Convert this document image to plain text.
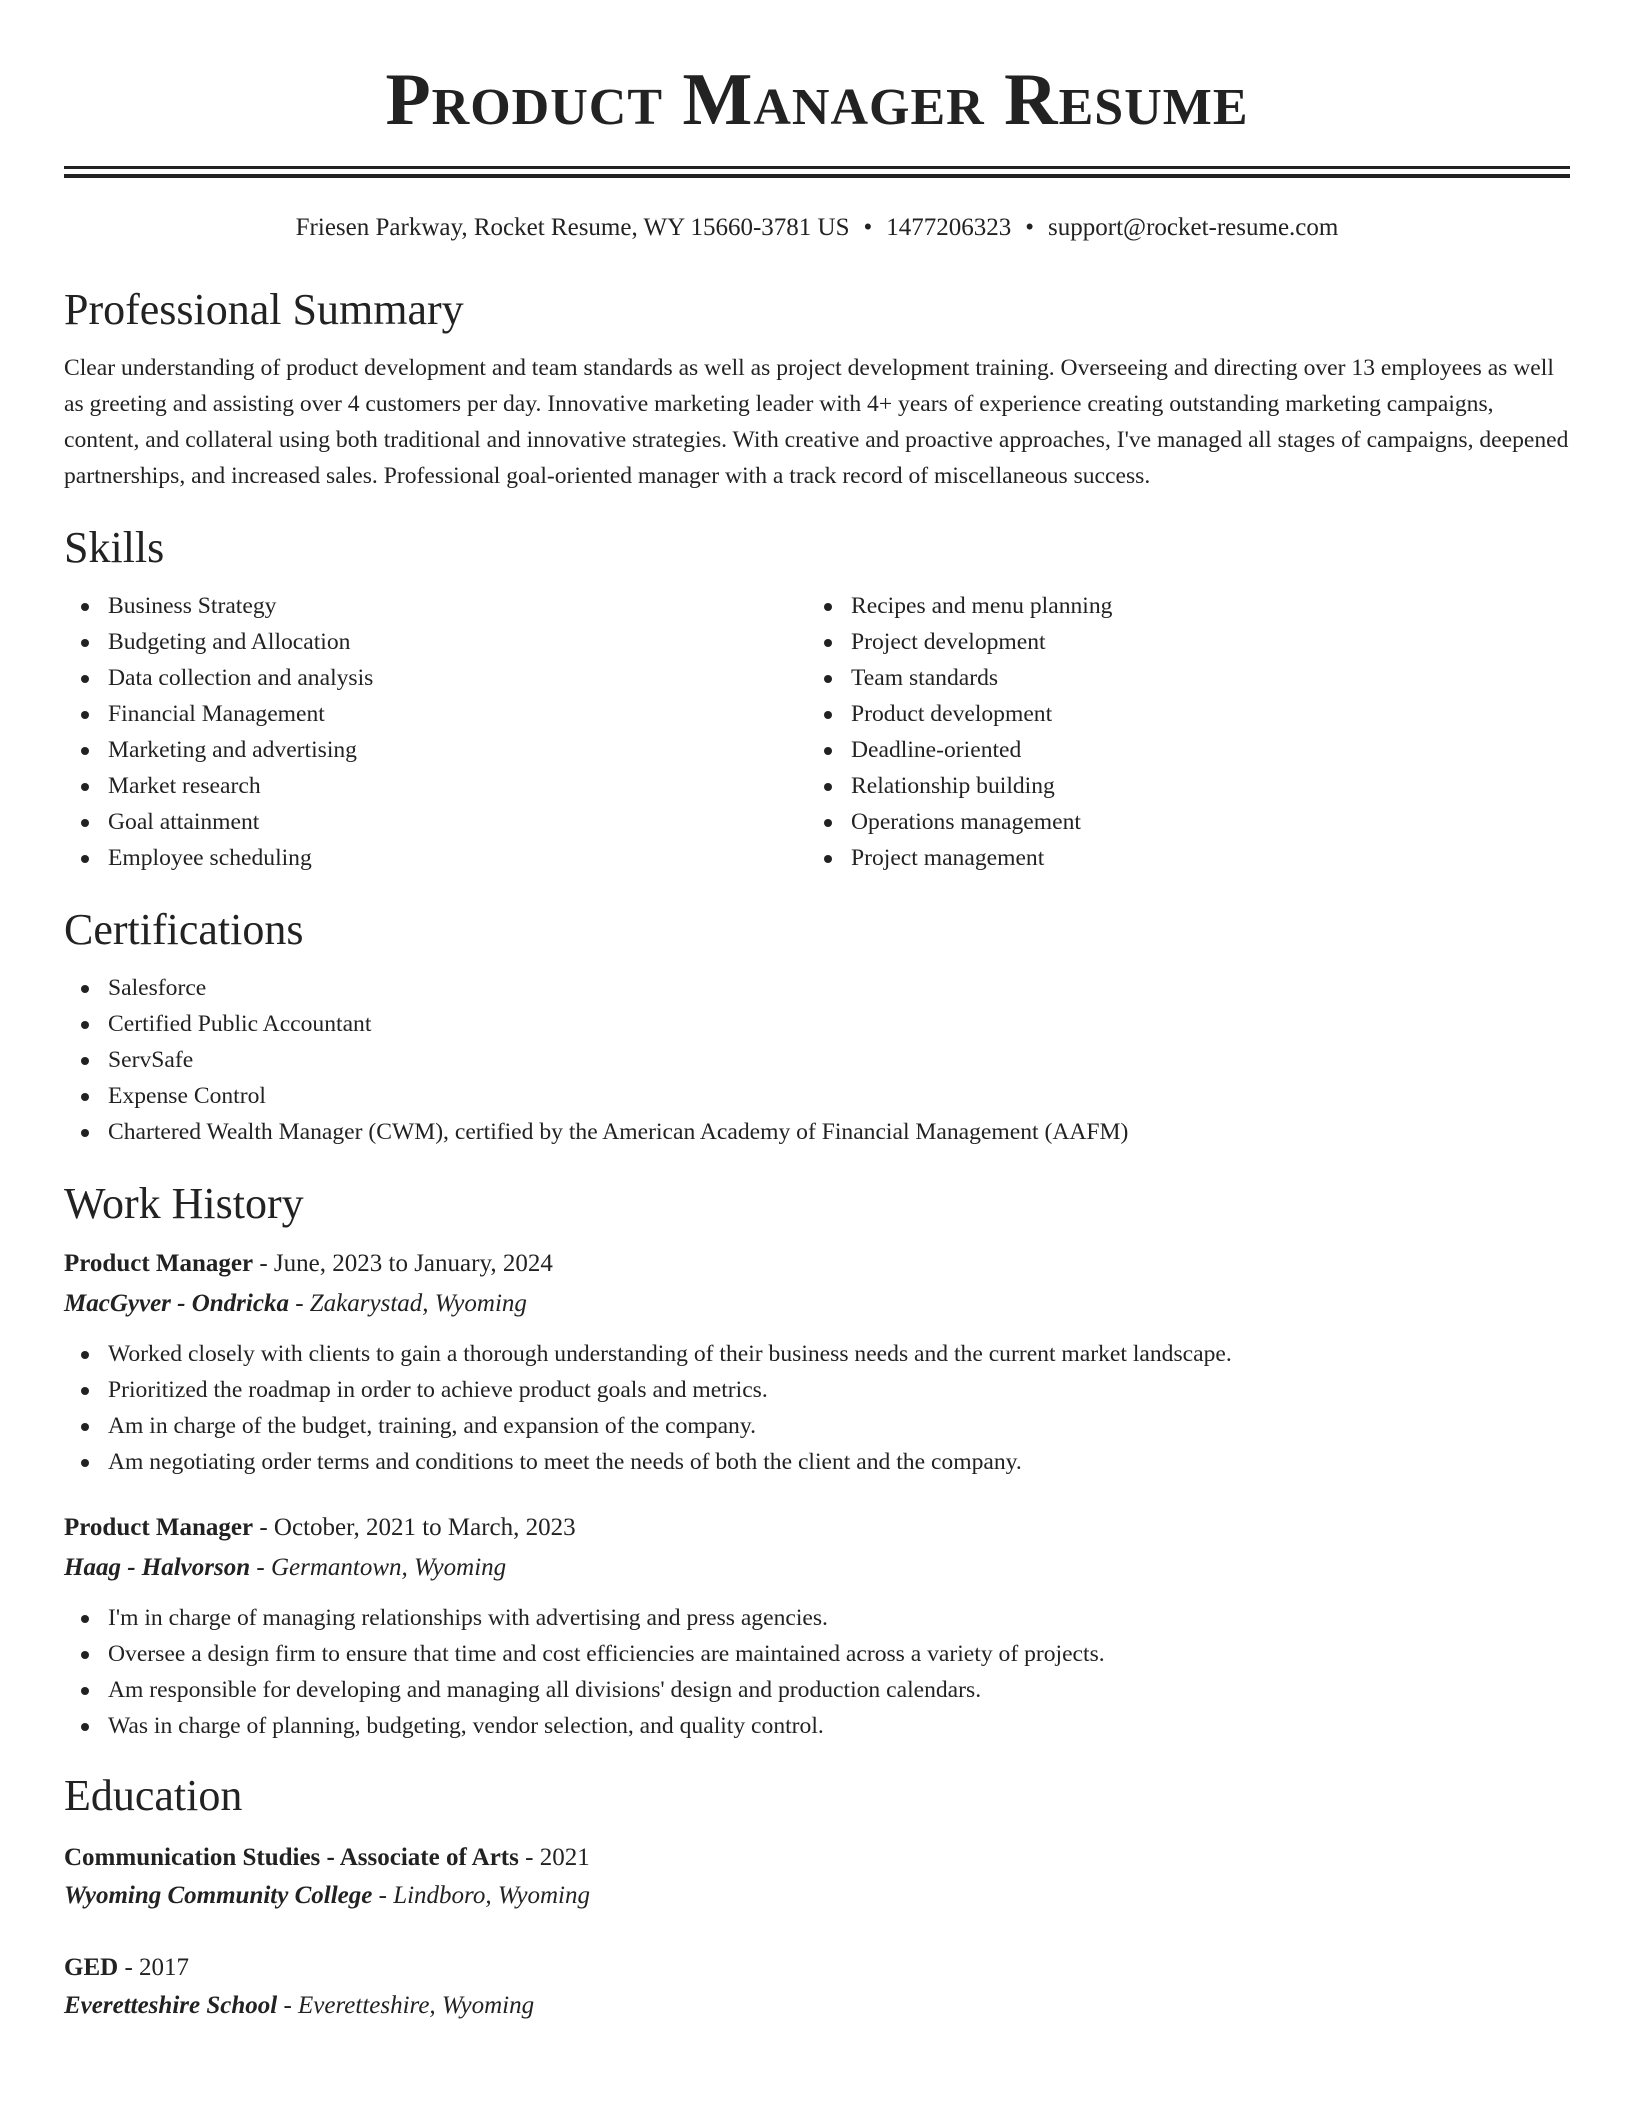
Product Manager Resume
Friesen Parkway, Rocket Resume, WY 15660-3781 US • 1477206323 • support@rocket-resume.com
Professional Summary

Clear understanding of product development and team standards as well as project development training. Overseeing and directing over 13 employees as well as greeting and assisting over 4 customers per day. Innovative marketing leader with 4+ years of experience creating outstanding marketing campaigns, content, and collateral using both traditional and innovative strategies. With creative and proactive approaches, I've managed all stages of campaigns, deepened partnerships, and increased sales. Professional goal-oriented manager with a track record of miscellaneous success.

Skills
Business Strategy
Budgeting and Allocation
Data collection and analysis
Financial Management
Marketing and advertising
Market research
Goal attainment
Employee scheduling
Recipes and menu planning
Project development
Team standards
Product development
Deadline-oriented
Relationship building
Operations management
Project management
Certifications
Salesforce
Certified Public Accountant
ServSafe
Expense Control
Chartered Wealth Manager (CWM), certified by the American Academy of Financial Management (AAFM)
Work History
Product Manager - June, 2023 to January, 2024
MacGyver - Ondricka - Zakarystad, Wyoming
Worked closely with clients to gain a thorough understanding of their business needs and the current market landscape.
Prioritized the roadmap in order to achieve product goals and metrics.
Am in charge of the budget, training, and expansion of the company.
Am negotiating order terms and conditions to meet the needs of both the client and the company.
Product Manager - October, 2021 to March, 2023
Haag - Halvorson - Germantown, Wyoming
I'm in charge of managing relationships with advertising and press agencies.
Oversee a design firm to ensure that time and cost efficiencies are maintained across a variety of projects.
Am responsible for developing and managing all divisions' design and production calendars.
Was in charge of planning, budgeting, vendor selection, and quality control.
Education
Communication Studies - Associate of Arts - 2021
Wyoming Community College - Lindboro, Wyoming
GED - 2017
Everetteshire School - Everetteshire, Wyoming
